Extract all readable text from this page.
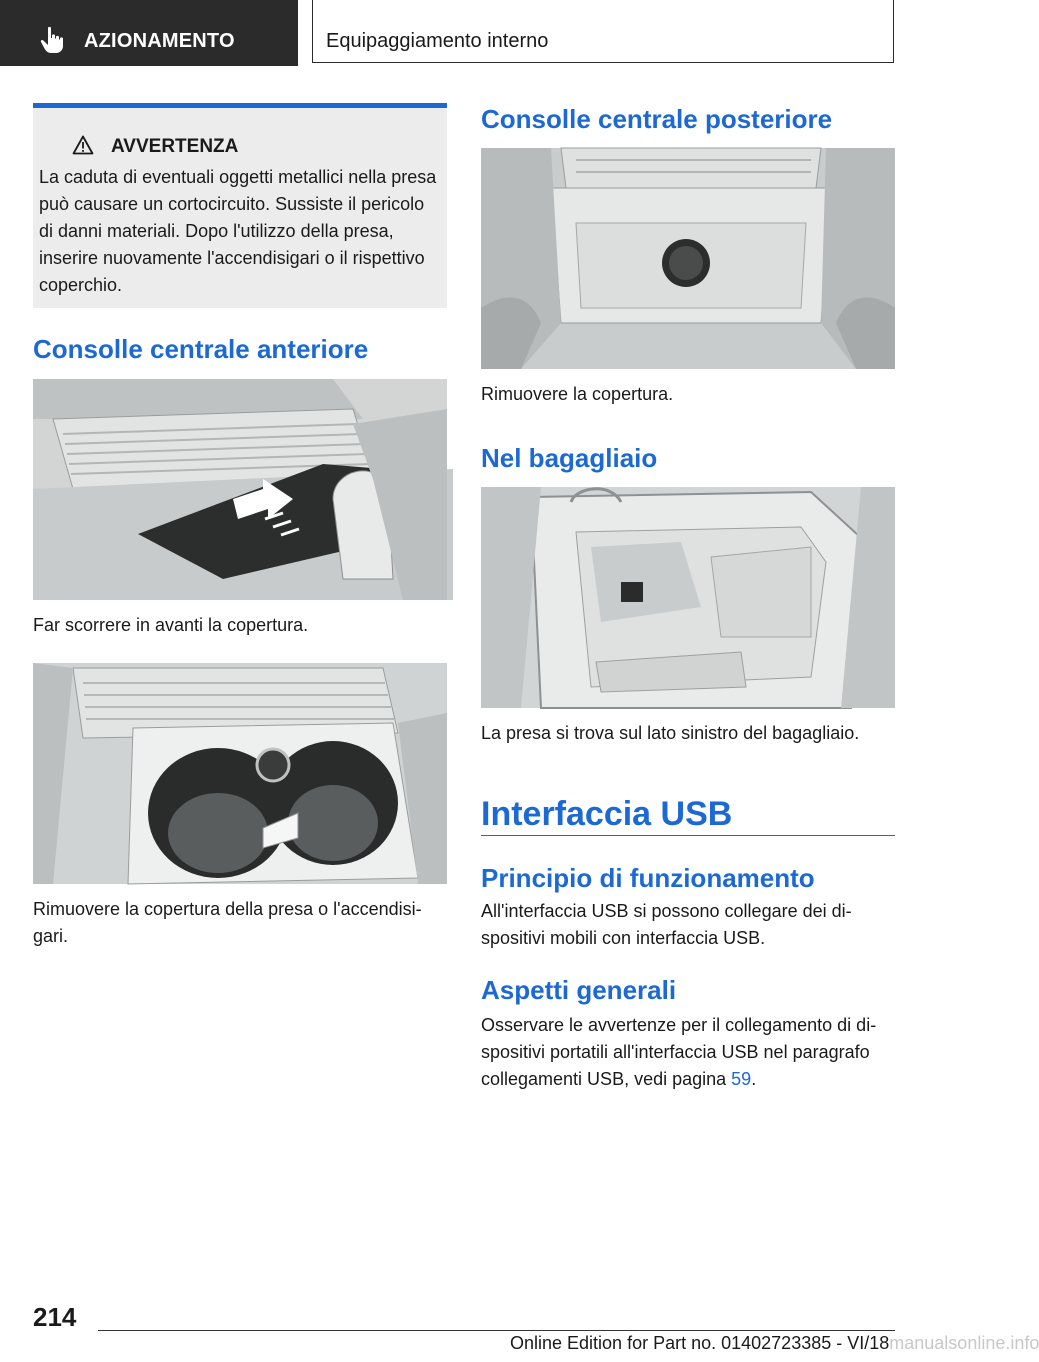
AZIONAMENTO	Equipaggiamento interno
AVVERTENZA
La caduta di eventuali oggetti metallici nella presa può causare un cortocircuito. Sussiste il pericolo di danni materiali. Dopo l'utilizzo della presa, inserire nuovamente l'accendisigari o il rispettivo coperchio.
Consolle centrale anteriore
Far scorrere in avanti la copertura.
Rimuovere la copertura della presa o l'accendisi‐gari.
Consolle centrale posteriore
Rimuovere la copertura.
Nel bagagliaio
La presa si trova sul lato sinistro del bagagliaio.
Interfaccia USB
Principio di funzionamento
All'interfaccia USB si possono collegare dei di‐spositivi mobili con interfaccia USB.
Aspetti generali
Osservare le avvertenze per il collegamento di di‐spositivi portatili all'interfaccia USB nel paragrafo collegamenti USB, vedi pagina 59.
214
Online Edition for Part no. 01402723385 - VI/18manualsonline.info
